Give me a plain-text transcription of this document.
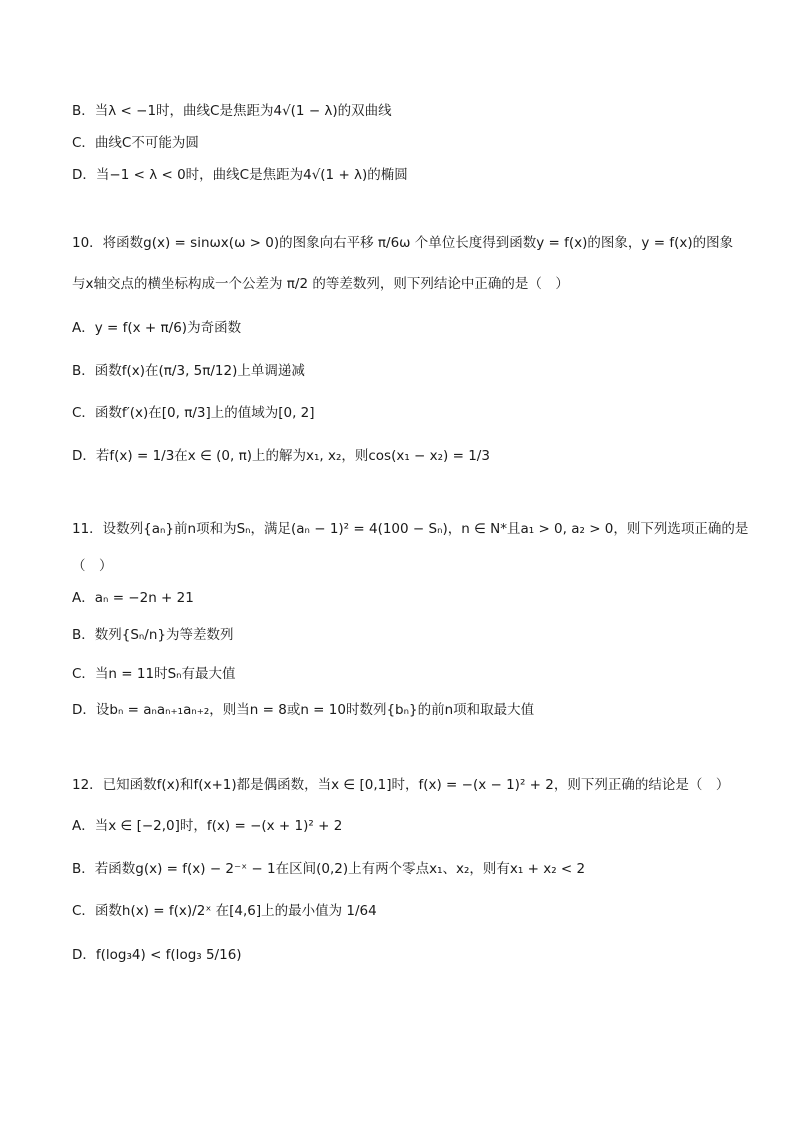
B．当λ < −1时，曲线C是焦距为4√(1 − λ)的双曲线
C．曲线C不可能为圆
D．当−1 < λ < 0时，曲线C是焦距为4√(1 + λ)的椭圆
10．将函数g(x) = sinωx(ω > 0)的图象向右平移 π/6ω 个单位长度得到函数y = f(x)的图象，y = f(x)的图象
与x轴交点的横坐标构成一个公差为 π/2 的等差数列，则下列结论中正确的是（　）
A．y = f(x + π/6)为奇函数
B．函数f(x)在(π/3, 5π/12)上单调递减
C．函数f′(x)在[0, π/3]上的值域为[0, 2]
D．若f(x) = 1/3在x ∈ (0, π)上的解为x₁, x₂，则cos(x₁ − x₂) = 1/3
11．设数列{aₙ}前n项和为Sₙ，满足(aₙ − 1)² = 4(100 − Sₙ)，n ∈ N*且a₁ > 0, a₂ > 0，则下列选项正确的是
（　）
A．aₙ = −2n + 21
B．数列{Sₙ/n}为等差数列
C．当n = 11时Sₙ有最大值
D．设bₙ = aₙaₙ₊₁aₙ₊₂，则当n = 8或n = 10时数列{bₙ}的前n项和取最大值
12．已知函数f(x)和f(x+1)都是偶函数，当x ∈ [0,1]时，f(x) = −(x − 1)² + 2，则下列正确的结论是（　）
A．当x ∈ [−2,0]时，f(x) = −(x + 1)² + 2
B．若函数g(x) = f(x) − 2⁻ˣ − 1在区间(0,2)上有两个零点x₁、x₂，则有x₁ + x₂ < 2
C．函数h(x) = f(x)/2ˣ 在[4,6]上的最小值为 1/64
D．f(log₃4) < f(log₃ 5/16)
